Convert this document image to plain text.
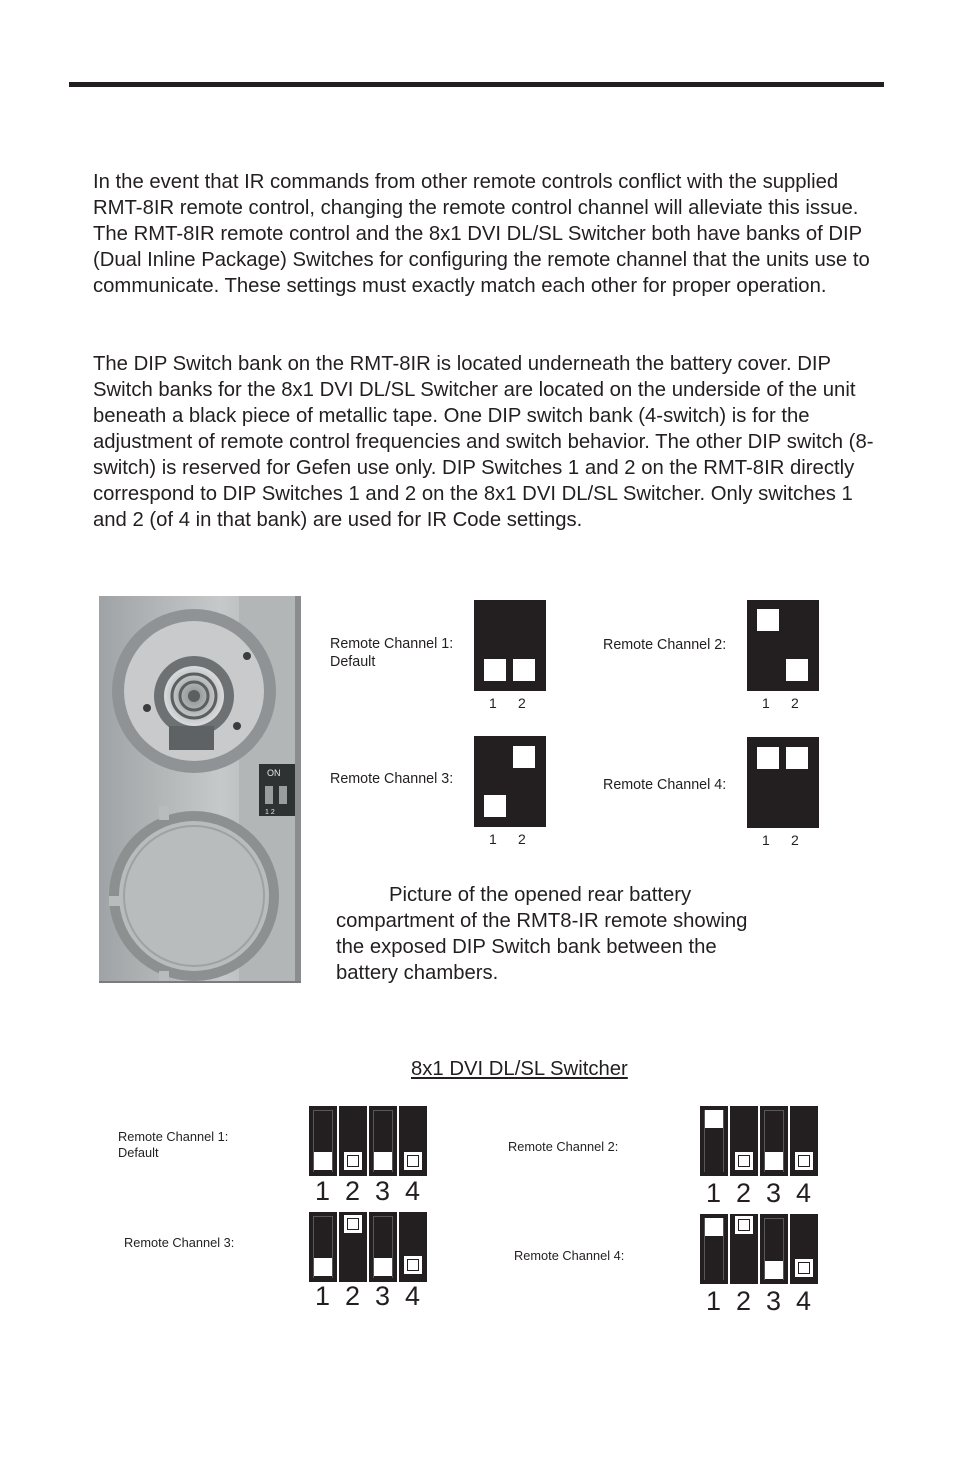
In the event that IR commands from other remote controls conflict with the supplied RMT-8IR remote control, changing the remote control channel will alleviate this issue. The RMT-8IR remote control and the 8x1 DVI DL/SL Switcher both have banks of DIP (Dual Inline Package) Switches for configuring the remote channel that the units use to communicate. These settings must exactly match each other for proper operation.

The DIP Switch bank on the RMT-8IR is located underneath the battery cover. DIP Switch banks for the 8x1 DVI DL/SL Switcher are located on the underside of the unit beneath a black piece of metallic tape. One DIP switch bank (4-switch) is for the adjustment of remote control frequencies and switch behavior. The other DIP switch (8-switch) is reserved for Gefen use only. DIP Switches 1 and 2 on the RMT-8IR directly correspond to DIP Switches 1 and 2 on the 8x1 DVI DL/SL Switcher. Only switches 1 and 2 (of 4 in that bank) are used for IR Code settings.

ON
1 2
Remote Channel 1:
Default
1 2
Remote Channel 2:
1 2
Remote Channel 3:
1 2
Remote Channel 4:
1 2

Picture of the opened rear battery
compartment of the RMT8-IR remote showing
the exposed DIP Switch bank between the
battery chambers.

8x1 DVI DL/SL Switcher
Remote Channel 1:
Default
1 2 3 4
Remote Channel 2:
1 2 3 4
Remote Channel 3:
1 2 3 4
Remote Channel 4:
1 2 3 4
